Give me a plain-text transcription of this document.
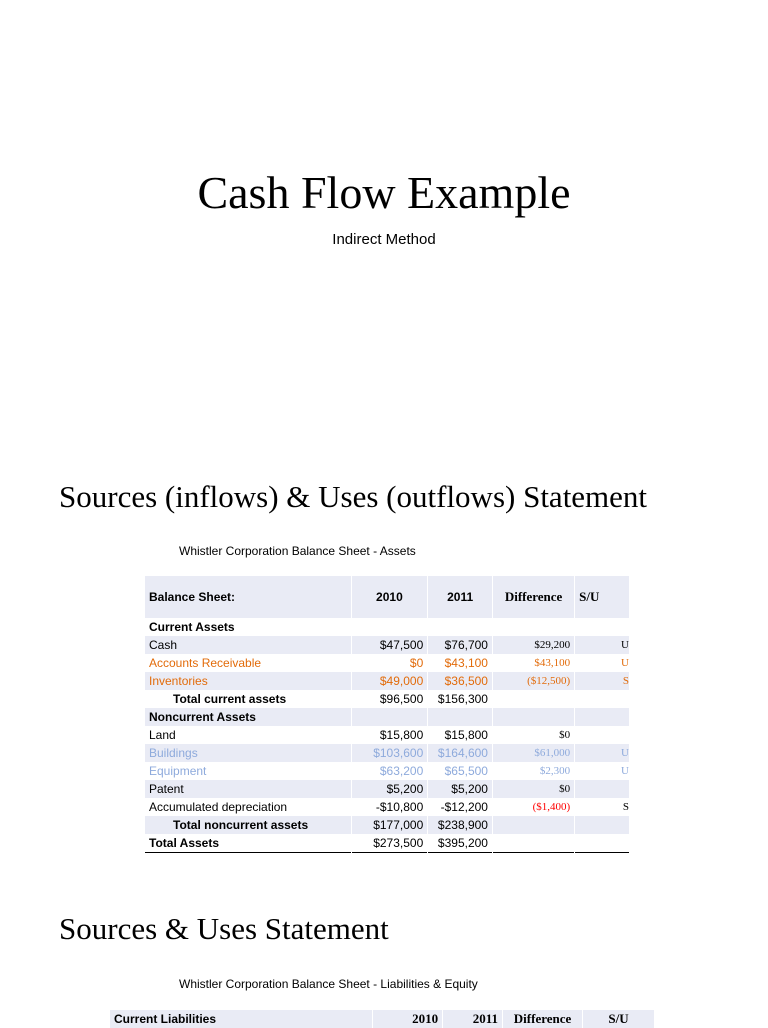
Cash Flow Example
Indirect Method
Sources (inflows) & Uses (outflows) Statement
Whistler Corporation Balance Sheet - Assets
Balance Sheet:	2010	2011	Difference	S/U
Current Assets				
Cash	$47,500	$76,700	$29,200	U
Accounts Receivable	$0	$43,100	$43,100	U
Inventories	$49,000	$36,500	($12,500)	S
Total current assets	$96,500	$156,300		
Noncurrent Assets				
Land	$15,800	$15,800	$0	
Buildings	$103,600	$164,600	$61,000	U
Equipment	$63,200	$65,500	$2,300	U
Patent	$5,200	$5,200	$0	
Accumulated depreciation	-$10,800	-$12,200	($1,400)	S
Total noncurrent assets	$177,000	$238,900		
Total Assets	$273,500	$395,200		
Sources & Uses Statement
Whistler Corporation Balance Sheet - Liabilities & Equity
Current Liabilities	2010	2011	Difference	S/U
